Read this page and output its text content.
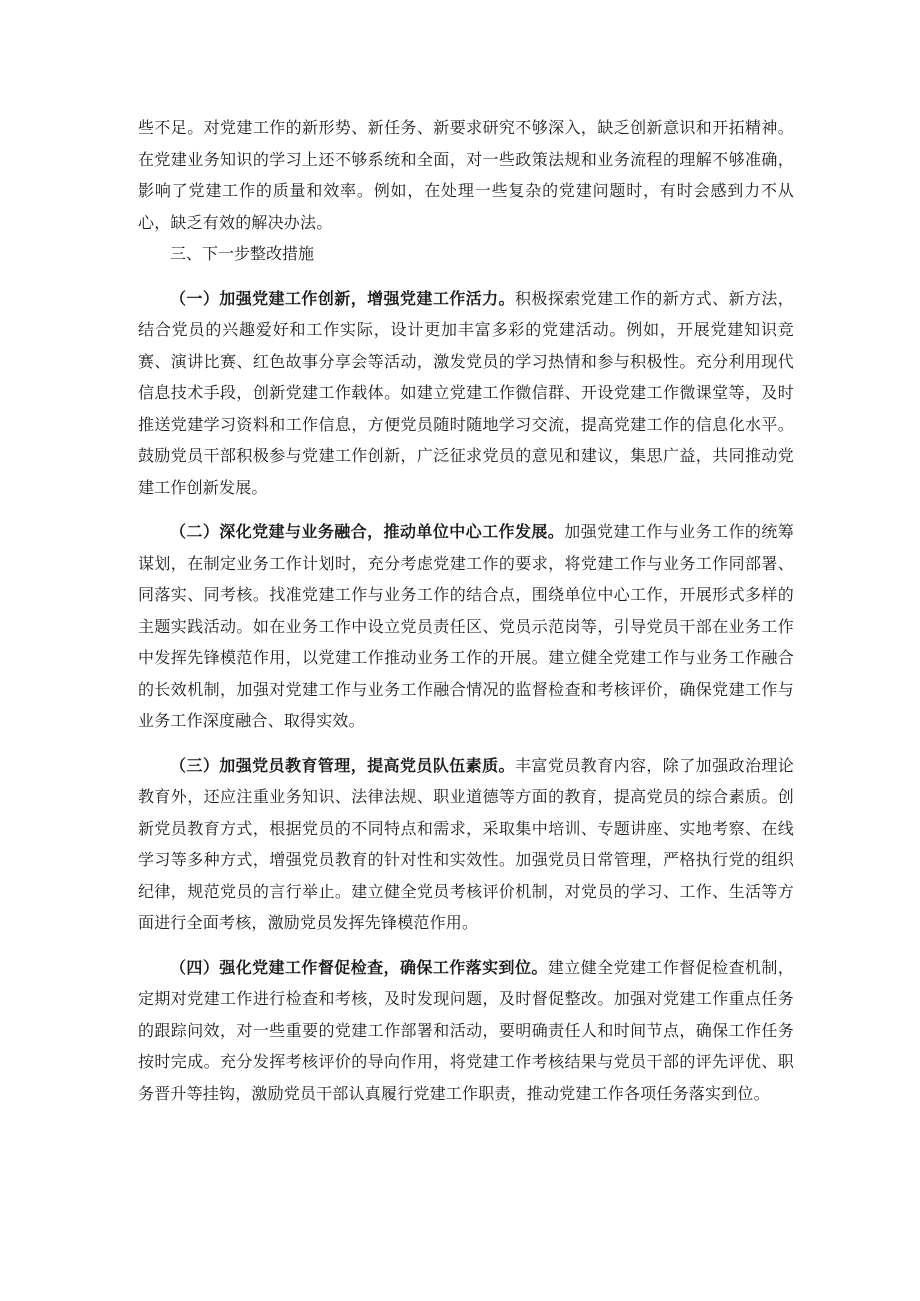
些不足。对党建工作的新形势、新任务、新要求研究不够深入，缺乏创新意识和开拓精神。在党建业务知识的学习上还不够系统和全面，对一些政策法规和业务流程的理解不够准确，影响了党建工作的质量和效率。例如，在处理一些复杂的党建问题时，有时会感到力不从心，缺乏有效的解决办法。

三、下一步整改措施

（一）加强党建工作创新，增强党建工作活力。积极探索党建工作的新方式、新方法，结合党员的兴趣爱好和工作实际，设计更加丰富多彩的党建活动。例如，开展党建知识竞赛、演讲比赛、红色故事分享会等活动，激发党员的学习热情和参与积极性。充分利用现代信息技术手段，创新党建工作载体。如建立党建工作微信群、开设党建工作微课堂等，及时推送党建学习资料和工作信息，方便党员随时随地学习交流，提高党建工作的信息化水平。鼓励党员干部积极参与党建工作创新，广泛征求党员的意见和建议，集思广益，共同推动党建工作创新发展。

（二）深化党建与业务融合，推动单位中心工作发展。加强党建工作与业务工作的统筹谋划，在制定业务工作计划时，充分考虑党建工作的要求，将党建工作与业务工作同部署、同落实、同考核。找准党建工作与业务工作的结合点，围绕单位中心工作，开展形式多样的主题实践活动。如在业务工作中设立党员责任区、党员示范岗等，引导党员干部在业务工作中发挥先锋模范作用，以党建工作推动业务工作的开展。建立健全党建工作与业务工作融合的长效机制，加强对党建工作与业务工作融合情况的监督检查和考核评价，确保党建工作与业务工作深度融合、取得实效。

（三）加强党员教育管理，提高党员队伍素质。丰富党员教育内容，除了加强政治理论教育外，还应注重业务知识、法律法规、职业道德等方面的教育，提高党员的综合素质。创新党员教育方式，根据党员的不同特点和需求，采取集中培训、专题讲座、实地考察、在线学习等多种方式，增强党员教育的针对性和实效性。加强党员日常管理，严格执行党的组织纪律，规范党员的言行举止。建立健全党员考核评价机制，对党员的学习、工作、生活等方面进行全面考核，激励党员发挥先锋模范作用。

（四）强化党建工作督促检查，确保工作落实到位。建立健全党建工作督促检查机制，定期对党建工作进行检查和考核，及时发现问题，及时督促整改。加强对党建工作重点任务的跟踪问效，对一些重要的党建工作部署和活动，要明确责任人和时间节点，确保工作任务按时完成。充分发挥考核评价的导向作用，将党建工作考核结果与党员干部的评先评优、职务晋升等挂钩，激励党员干部认真履行党建工作职责，推动党建工作各项任务落实到位。
